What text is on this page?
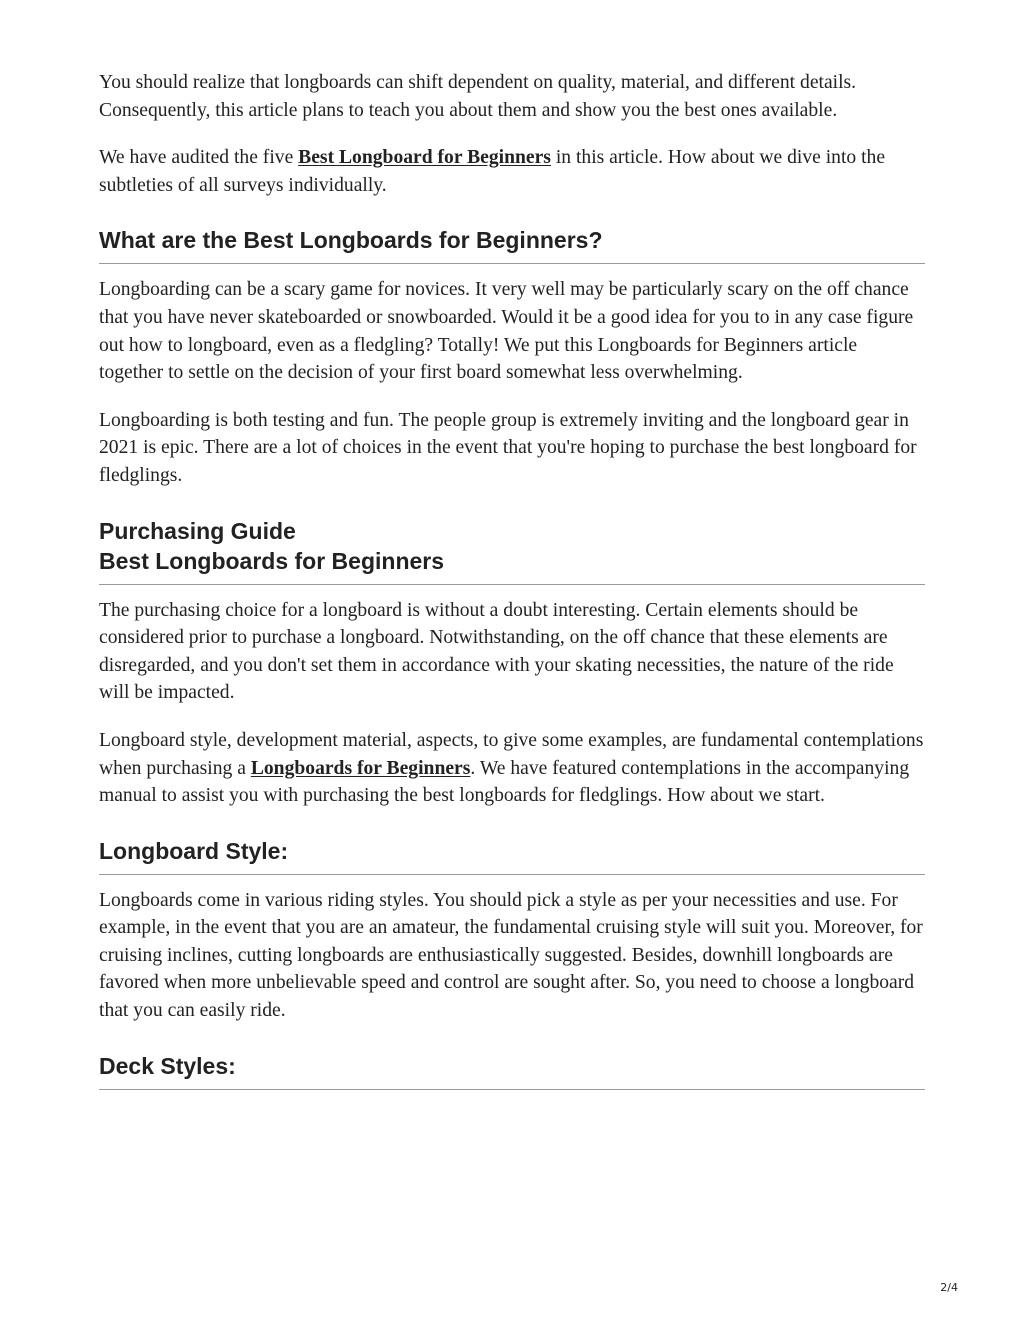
You should realize that longboards can shift dependent on quality, material, and different details. Consequently, this article plans to teach you about them and show you the best ones available.

We have audited the five Best Longboard for Beginners in this article. How about we dive into the subtleties of all surveys individually.

What are the Best Longboards for Beginners?

Longboarding can be a scary game for novices. It very well may be particularly scary on the off chance that you have never skateboarded or snowboarded. Would it be a good idea for you to in any case figure out how to longboard, even as a fledgling? Totally! We put this Longboards for Beginners article together to settle on the decision of your first board somewhat less overwhelming.

Longboarding is both testing and fun. The people group is extremely inviting and the longboard gear in 2021 is epic. There are a lot of choices in the event that you're hoping to purchase the best longboard for fledglings.

Purchasing Guide
Best Longboards for Beginners

The purchasing choice for a longboard is without a doubt interesting. Certain elements should be considered prior to purchase a longboard. Notwithstanding, on the off chance that these elements are disregarded, and you don't set them in accordance with your skating necessities, the nature of the ride will be impacted.

Longboard style, development material, aspects, to give some examples, are fundamental contemplations when purchasing a Longboards for Beginners. We have featured contemplations in the accompanying manual to assist you with purchasing the best longboards for fledglings. How about we start.

Longboard Style:

Longboards come in various riding styles. You should pick a style as per your necessities and use. For example, in the event that you are an amateur, the fundamental cruising style will suit you. Moreover, for cruising inclines, cutting longboards are enthusiastically suggested. Besides, downhill longboards are favored when more unbelievable speed and control are sought after. So, you need to choose a longboard that you can easily ride.

Deck Styles:
2/4
